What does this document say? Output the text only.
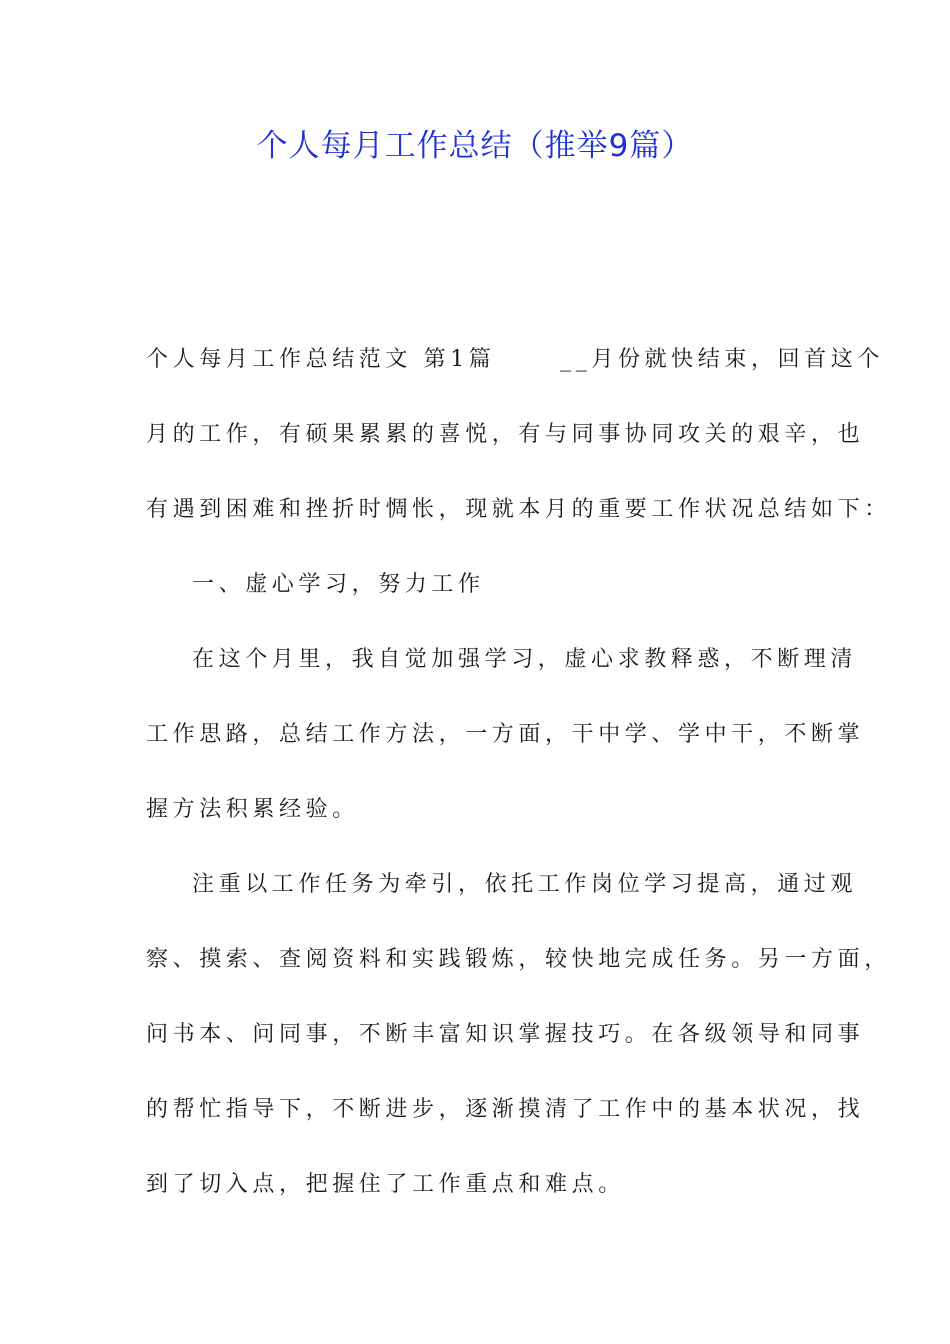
个人每月工作总结（推举9篇）
个人每月工作总结范文 第1篇　　 __月份就快结束，回首这个
月的工作，有硕果累累的喜悦，有与同事协同攻关的艰辛，也
有遇到困难和挫折时惆怅，现就本月的重要工作状况总结如下：
一、虚心学习，努力工作
在这个月里，我自觉加强学习，虚心求教释惑，不断理清
工作思路，总结工作方法，一方面，干中学、学中干，不断掌
握方法积累经验。
注重以工作任务为牵引，依托工作岗位学习提高，通过观
察、摸索、查阅资料和实践锻炼，较快地完成任务。另一方面，
问书本、问同事，不断丰富知识掌握技巧。在各级领导和同事
的帮忙指导下，不断进步，逐渐摸清了工作中的基本状况，找
到了切入点，把握住了工作重点和难点。
